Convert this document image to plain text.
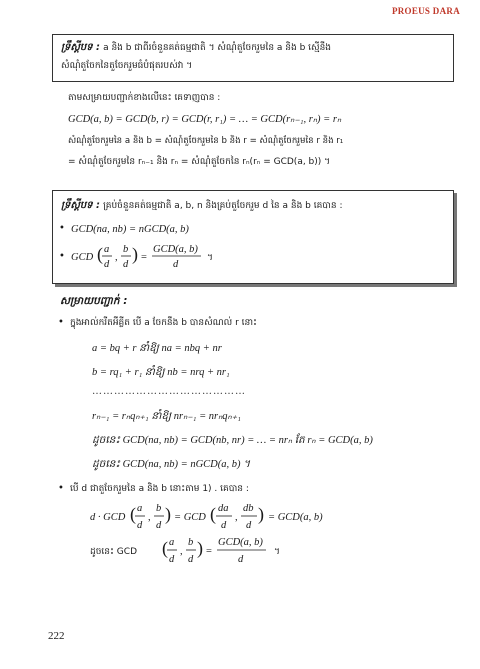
PROEUS DARA
ទ្រឹស្តីបទ : a និង b ជាពីរចំនួនគត់ធម្មជាតិ ។ សំណុំតួចែករួមនៃ a និង b ស្មើនឹង
សំណុំតួចែកនៃតួចែករួមធំបំផុតរបស់វា ។
តាមសម្រាយបញ្ជាក់ខាងលើនេះ គេទាញបាន :
GCD(a, b) = GCD(b, r) = GCD(r, r₁) = … = GCD(rₙ₋₁, rₙ) = rₙ
សំណុំតួចែករួមនៃ a និង b = សំណុំតួចែករួមនៃ b និង r = សំណុំតួចែករួមនៃ r និង r₁
= សំណុំតួចែករួមនៃ rₙ₋₁ និង rₙ = សំណុំតួចែកនៃ rₙ(rₙ = GCD(a, b)) ។
ទ្រឹស្តីបទ : គ្រប់ចំនួនគត់ធម្មជាតិ a, b, n និងគ្រប់តួចែករួម d នៃ a និង b គេបាន :
• GCD(na, nb) = nGCD(a, b)
• GCD ( a
d
,
b
d
) =
GCD(a, b)
d
។
សម្រាយបញ្ជាក់ :
• ក្នុងអាល់ករីតអឺគ្លីត បើ a ចែកនឹង b បានសំណល់ r នោះ
a = bq + r នាំឱ្យ na = nbq + nr
b = rq₁ + r₁ នាំឱ្យ nb = nrq + nr₁
……………………………………
rₙ₋₁ = rₙqₙ₊₁ នាំឱ្យ nrₙ₋₁ = nrₙqₙ₊₁
ដូចនេះ GCD(na, nb) = GCD(nb, nr) = … = nrₙ តែ rₙ = GCD(a, b)
ដូចនេះ GCD(na, nb) = nGCD(a, b) ។
• បើ d ជាតួចែករួមនៃ a និង b នោះតាម 1) . គេបាន :
d · GCD ( a
d
,
b
d
) = GCD ( da
d
,
db
d
) = GCD(a, b)
ដូចនេះ GCD ( a
d
,
b
d
) =
GCD(a, b)
d
។
222
